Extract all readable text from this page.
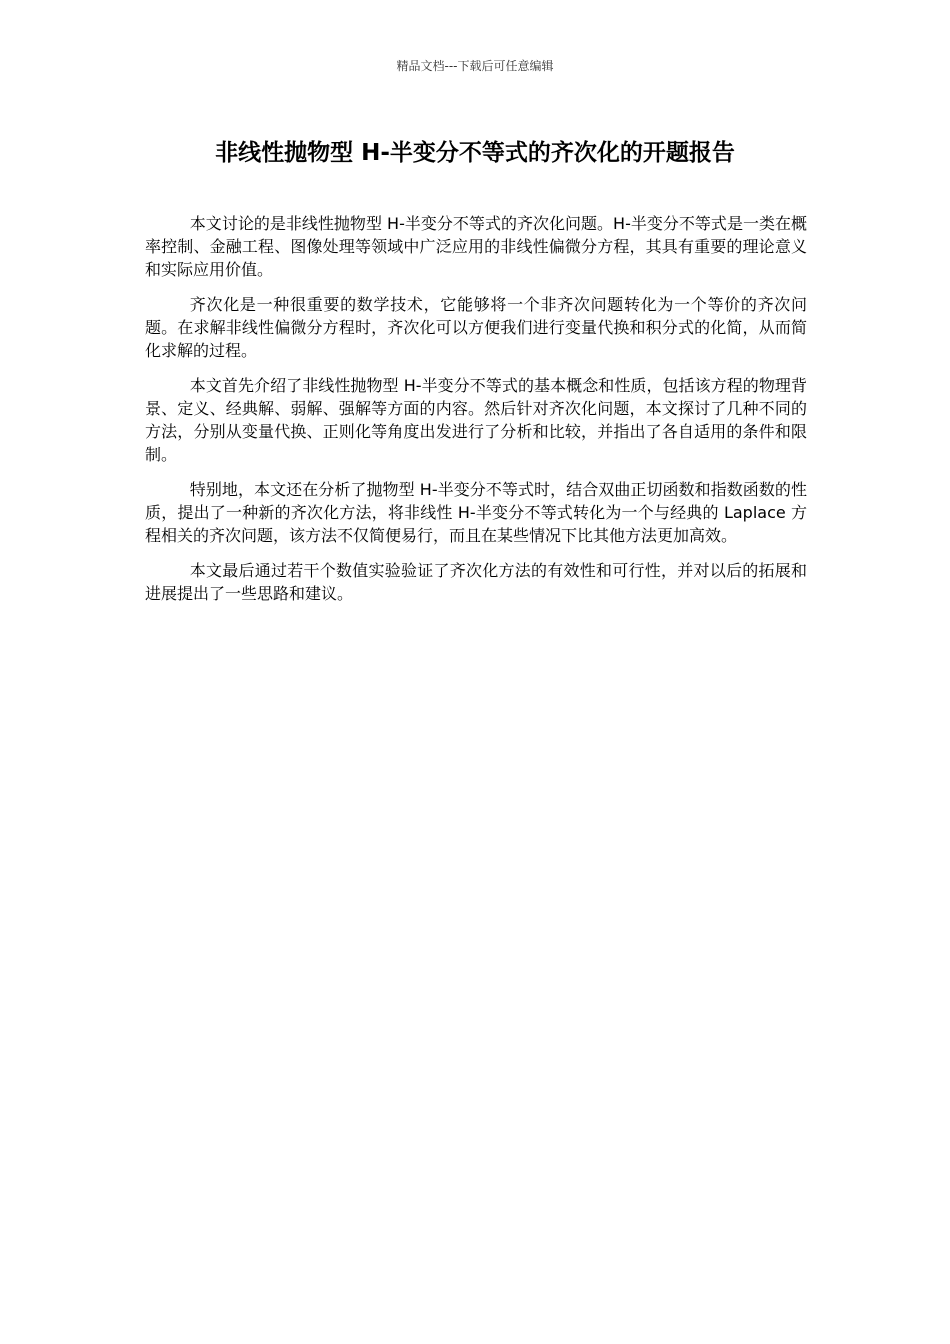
精品文档---下载后可任意编辑
非线性抛物型 H-半变分不等式的齐次化的开题报告

本文讨论的是非线性抛物型 H-半变分不等式的齐次化问题。H-半变分不等式是一类在概率控制、金融工程、图像处理等领域中广泛应用的非线性偏微分方程，其具有重要的理论意义和实际应用价值。

齐次化是一种很重要的数学技术，它能够将一个非齐次问题转化为一个等价的齐次问题。在求解非线性偏微分方程时，齐次化可以方便我们进行变量代换和积分式的化简，从而简化求解的过程。

本文首先介绍了非线性抛物型 H-半变分不等式的基本概念和性质，包括该方程的物理背景、定义、经典解、弱解、强解等方面的内容。然后针对齐次化问题，本文探讨了几种不同的方法，分别从变量代换、正则化等角度出发进行了分析和比较，并指出了各自适用的条件和限制。

特别地，本文还在分析了抛物型 H-半变分不等式时，结合双曲正切函数和指数函数的性质，提出了一种新的齐次化方法，将非线性 H-半变分不等式转化为一个与经典的 Laplace 方程相关的齐次问题，该方法不仅简便易行，而且在某些情况下比其他方法更加高效。

本文最后通过若干个数值实验验证了齐次化方法的有效性和可行性，并对以后的拓展和进展提出了一些思路和建议。
